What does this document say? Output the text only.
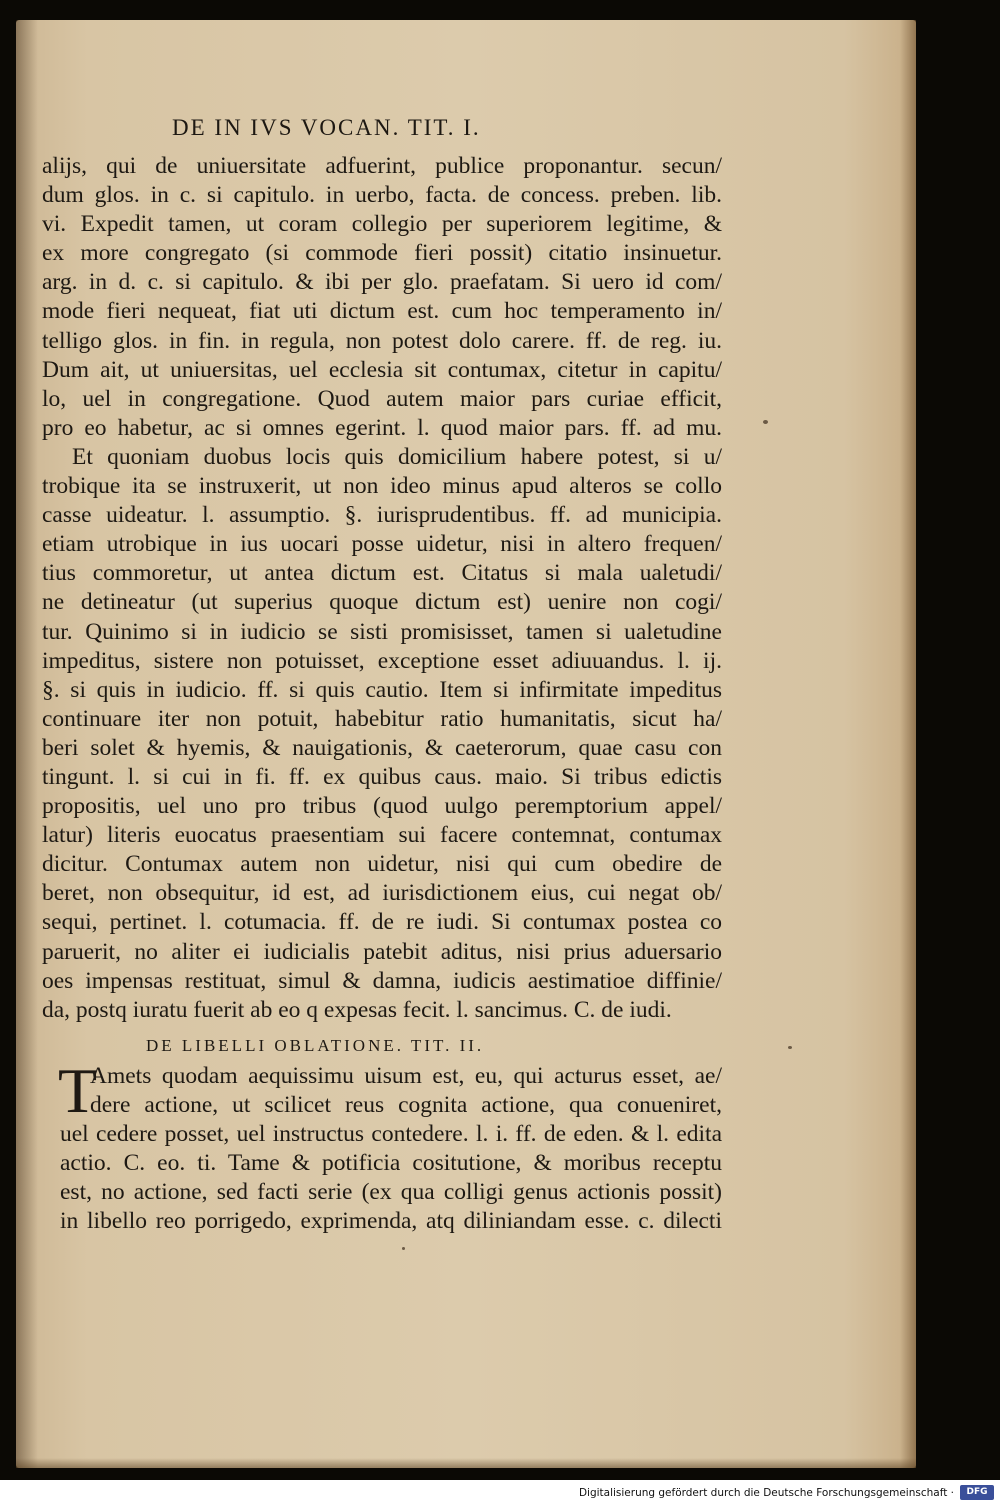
DE IN IVS VOCAN. TIT. I.
alijs, qui de uniuersitate adfuerint, publice proponantur. secun/
dum glos. in c. si capitulo. in uerbo, facta. de concess. preben. lib.
vi. Expedit tamen, ut coram collegio per superiorem legitime, &
ex more congregato (si commode fieri possit) citatio insinuetur.
arg. in d. c. si capitulo. & ibi per glo. praefatam. Si uero id com/
mode fieri nequeat, fiat uti dictum est. cum hoc temperamento in/
telligo glos. in fin. in regula, non potest dolo carere. ff. de reg. iu.
Dum ait, ut uniuersitas, uel ecclesia sit contumax, citetur in capitu/
lo, uel in congregatione. Quod autem maior pars curiae efficit,
pro eo habetur, ac si omnes egerint. l. quod maior pars. ff. ad mu.
Et quoniam duobus locis quis domicilium habere potest, si u/
trobique ita se instruxerit, ut non ideo minus apud alteros se collo
casse uideatur. l. assumptio. §. iurisprudentibus. ff. ad municipia.
etiam utrobique in ius uocari posse uidetur, nisi in altero frequen/
tius commoretur, ut antea dictum est. Citatus si mala ualetudi/
ne detineatur (ut superius quoque dictum est) uenire non cogi/
tur. Quinimo si in iudicio se sisti promisisset, tamen si ualetudine
impeditus, sistere non potuisset, exceptione esset adiuuandus. l. ij.
§. si quis in iudicio. ff. si quis cautio. Item si infirmitate impeditus
continuare iter non potuit, habebitur ratio humanitatis, sicut ha/
beri solet & hyemis, & nauigationis, & caeterorum, quae casu con
tingunt. l. si cui in fi. ff. ex quibus caus. maio. Si tribus edictis
propositis, uel uno pro tribus (quod uulgo peremptorium appel/
latur) literis euocatus praesentiam sui facere contemnat, contumax
dicitur. Contumax autem non uidetur, nisi qui cum obedire de
beret, non obsequitur, id est, ad iurisdictionem eius, cui negat ob/
sequi, pertinet. l. cotumacia. ff. de re iudi. Si contumax postea co
paruerit, no aliter ei iudicialis patebit aditus, nisi prius aduersario
oes impensas restituat, simul & damna, iudicis aestimatioe diffinie/
da, postq iuratu fuerit ab eo q expesas fecit. l. sancimus. C. de iudi.
DE LIBELLI OBLATIONE. TIT. II.
T
Amets quodam aequissimu uisum est, eu, qui acturus esset, ae/
dere actione, ut scilicet reus cognita actione, qua conueniret,
uel cedere posset, uel instructus contedere. l. i. ff. de eden. & l. edita
actio. C. eo. ti. Tame & potificia cositutione, & moribus receptu
est, no actione, sed facti serie (ex qua colligi genus actionis possit)
in libello reo porrigedo, exprimenda, atq diliniandam esse. c. dilecti
Digitalisierung gefördert durch die Deutsche Forschungsgemeinschaft ·	DFG
